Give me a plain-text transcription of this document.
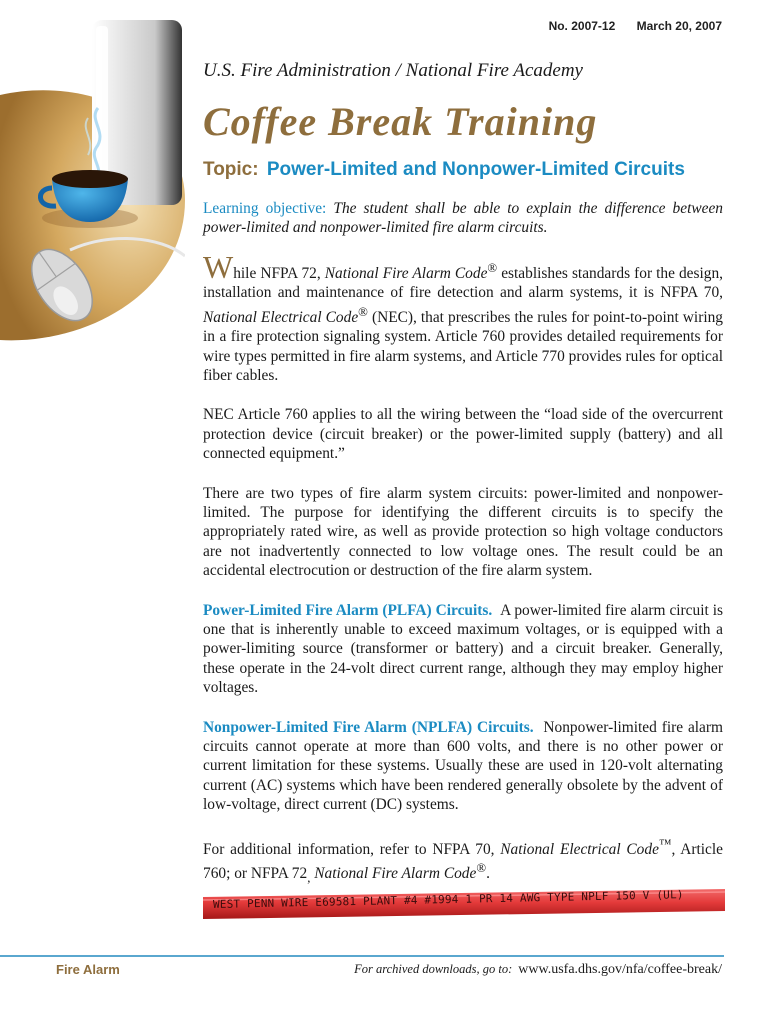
No. 2007-12 March 20, 2007
U.S. Fire Administration / National Fire Academy
Coffee Break Training
Topic: Power-Limited and Nonpower-Limited Circuits

Learning objective: The student shall be able to explain the difference between power-limited and nonpower-limited fire alarm circuits.

While NFPA 72, National Fire Alarm Code® establishes standards for the design, installation and maintenance of fire detection and alarm systems, it is NFPA 70, National Electrical Code® (NEC), that prescribes the rules for point-to-point wiring in a fire protection signaling system. Article 760 provides detailed requirements for wire types permitted in fire alarm systems, and Article 770 provides rules for optical fiber cables.

NEC Article 760 applies to all the wiring between the “load side of the overcurrent protection device (circuit breaker) or the power-limited supply (battery) and all connected equipment.”

There are two types of fire alarm system circuits: power-limited and nonpower-limited. The purpose for identifying the different circuits is to specify the appropriately rated wire, as well as provide protection so high voltage conductors are not inadvertently connected to low voltage ones. The result could be an accidental electrocution or destruction of the fire alarm system.

Power-Limited Fire Alarm (PLFA) Circuits. A power-limited fire alarm circuit is one that is inherently unable to exceed maximum voltages, or is equipped with a power-limiting source (transformer or battery) and a circuit breaker. Generally, these operate in the 24-volt direct current range, although they may employ higher voltages.

Nonpower-Limited Fire Alarm (NPLFA) Circuits. Nonpower-limited fire alarm circuits cannot operate at more than 600 volts, and there is no other power or current limitation for these systems. Usually these are used in 120-volt alternating current (AC) systems which have been rendered generally obsolete by the advent of low-voltage, direct current (DC) systems.

For additional information, refer to NFPA 70, National Electrical Code™, Article 760; or NFPA $72_,$ National Fire Alarm Code®.

WEST PENN WIRE E69581 PLANT #4 #1994 1 PR 14 AWG TYPE NPLF 150 V (UL)
Fire Alarm	For archived downloads, go to: www.usfa.dhs.gov/nfa/coffee-break/
